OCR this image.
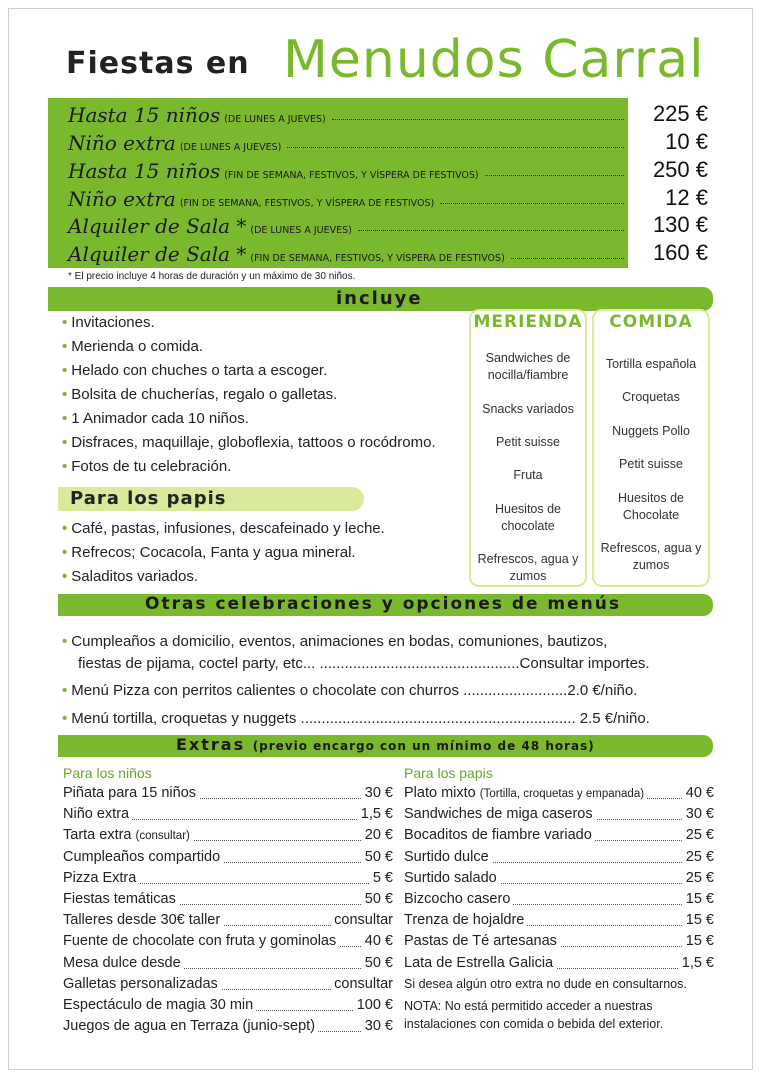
Fiestas en Menudos Carral
Hasta 15 niños (DE LUNES A JUEVES)	225 €
Niño extra (DE LUNES A JUEVES)	10 €
Hasta 15 niños (FIN DE SEMANA, FESTIVOS, Y VÍSPERA DE FESTIVOS)	250 €
Niño extra (FIN DE SEMANA, FESTIVOS, Y VÍSPERA DE FESTIVOS)	12 €
Alquiler de Sala * (DE LUNES A JUEVES)	130 €
Alquiler de Sala * (FIN DE SEMANA, FESTIVOS, Y VÍSPERA DE FESTIVOS)	160 €
* El precio incluye 4 horas de duración y un máximo de 30 niños.
incluye
• Invitaciones.
• Merienda o comida.
• Helado con chuches o tarta a escoger.
• Bolsita de chucherías, regalo o galletas.
• 1 Animador cada 10 niños.
• Disfraces, maquillaje, globoflexia, tattoos o rocódromo.
• Fotos de tu celebración.
Para los papis
• Café, pastas, infusiones, descafeinado y leche.
• Refrecos; Cocacola, Fanta y agua mineral.
• Saladitos variados.
MERIENDA
Sandwiches de nocilla/fiambre
Snacks variados
Petit suisse
Fruta
Huesitos de chocolate
Refrescos, agua y zumos
COMIDA
Tortilla española
Croquetas
Nuggets Pollo
Petit suisse
Huesitos de Chocolate
Refrescos, agua y zumos
Otras celebraciones y opciones de menús
• Cumpleaños a domicilio, eventos, animaciones en bodas, comuniones, bautizos,
fiestas de pijama, coctel party, etc... ................................................Consultar importes.
• Menú Pizza con perritos calientes o chocolate con churros .........................2.0 €/niño.
• Menú tortilla, croquetas y nuggets .................................................................. 2.5 €/niño.
Extras (previo encargo con un mínimo de 48 horas)
Para los niños	Para los papis
Piñata para 15 niños	30 €
Niño extra	1,5 €
Tarta extra (consultar)	20 €
Cumpleaños compartido	50 €
Pizza Extra	5 €
Fiestas temáticas	50 €
Talleres desde 30€ taller	consultar
Fuente de chocolate con fruta y gominolas 40 €
Mesa dulce desde	50 €
Galletas personalizadas	consultar
Espectáculo de magia 30 min	100 €
Juegos de agua en Terraza (junio-sept)	30 €
Plato mixto (Tortilla, croquetas y empanada)	40 €
Sandwiches de miga caseros	30 €
Bocaditos de fiambre variado	25 €
Surtido dulce	25 €
Surtido salado	25 €
Bizcocho casero	15 €
Trenza de hojaldre	15 €
Pastas de Té artesanas	15 €
Lata de Estrella Galicia	1,5 €
Si desea algún otro extra no dude en consultarnos.
NOTA: No está permitido acceder a nuestras
instalaciones con comida o bebida del exterior.
